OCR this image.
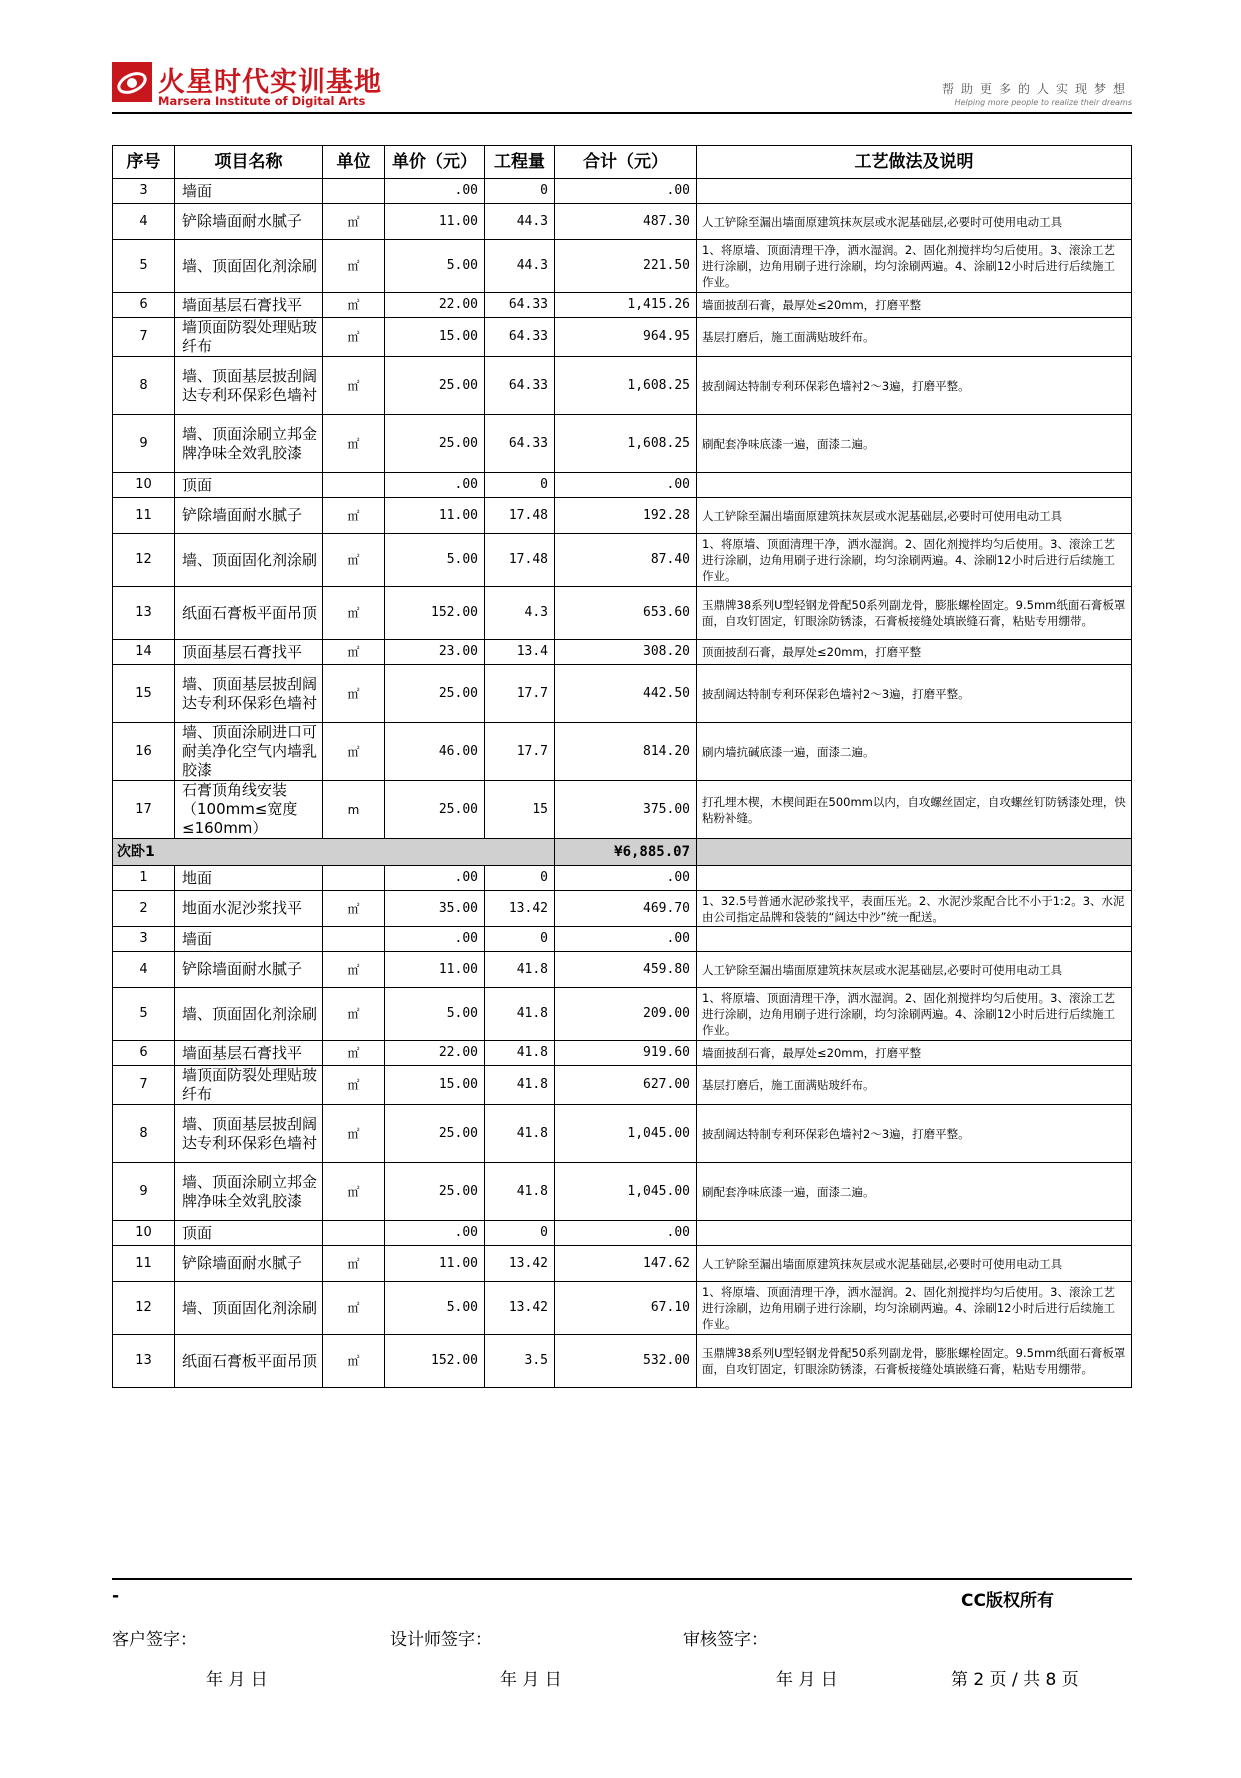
火星时代实训基地
Marsera Institute of Digital Arts
帮助更多的人实现梦想
Helping more people to realize their dreams
序号	项目名称	单位	单价（元）	工程量	合计（元）	工艺做法及说明
3	墙面		.00	0	.00	
4	铲除墙面耐水腻子	㎡	11.00	44.3	487.30	人工铲除至漏出墙面原建筑抹灰层或水泥基础层,必要时可使用电动工具
5	墙、顶面固化剂涂刷	㎡	5.00	44.3	221.50	1、将原墙、顶面清理干净，洒水湿润。2、固化剂搅拌均匀后使用。3、滚涂工艺进行涂刷，边角用刷子进行涂刷，均匀涂刷两遍。4、涂刷12小时后进行后续施工作业。
6	墙面基层石膏找平	㎡	22.00	64.33	1,415.26	墙面披刮石膏，最厚处≤20mm，打磨平整
7	墙顶面防裂处理贴玻纤布	㎡	15.00	64.33	964.95	基层打磨后，施工面满贴玻纤布。
8	墙、顶面基层披刮阔达专利环保彩色墙衬	㎡	25.00	64.33	1,608.25	披刮阔达特制专利环保彩色墙衬2～3遍，打磨平整。
9	墙、顶面涂刷立邦金牌净味全效乳胶漆	㎡	25.00	64.33	1,608.25	刷配套净味底漆一遍，面漆二遍。
10	顶面		.00	0	.00	
11	铲除墙面耐水腻子	㎡	11.00	17.48	192.28	人工铲除至漏出墙面原建筑抹灰层或水泥基础层,必要时可使用电动工具
12	墙、顶面固化剂涂刷	㎡	5.00	17.48	87.40	1、将原墙、顶面清理干净，洒水湿润。2、固化剂搅拌均匀后使用。3、滚涂工艺进行涂刷，边角用刷子进行涂刷，均匀涂刷两遍。4、涂刷12小时后进行后续施工作业。
13	纸面石膏板平面吊顶	㎡	152.00	4.3	653.60	玉鼎牌38系列U型轻钢龙骨配50系列副龙骨，膨胀螺栓固定。9.5mm纸面石膏板罩面，自攻钉固定，钉眼涂防锈漆，石膏板接缝处填嵌缝石膏，粘贴专用绷带。
14	顶面基层石膏找平	㎡	23.00	13.4	308.20	顶面披刮石膏，最厚处≤20mm，打磨平整
15	墙、顶面基层披刮阔达专利环保彩色墙衬	㎡	25.00	17.7	442.50	披刮阔达特制专利环保彩色墙衬2～3遍，打磨平整。
16	墙、顶面涂刷进口可耐美净化空气内墙乳胶漆	㎡	46.00	17.7	814.20	刷内墙抗碱底漆一遍，面漆二遍。
17	石膏顶角线安装（100mm≤宽度≤160mm）	m	25.00	15	375.00	打孔埋木楔，木楔间距在500mm以内，自攻螺丝固定，自攻螺丝钉防锈漆处理，快粘粉补缝。
次卧1					¥6,885.07	
1	地面		.00	0	.00	
2	地面水泥沙浆找平	㎡	35.00	13.42	469.70	1、32.5号普通水泥砂浆找平，表面压光。2、水泥沙浆配合比不小于1:2。3、水泥由公司指定品牌和袋装的“阔达中沙”统一配送。
3	墙面		.00	0	.00	
4	铲除墙面耐水腻子	㎡	11.00	41.8	459.80	人工铲除至漏出墙面原建筑抹灰层或水泥基础层,必要时可使用电动工具
5	墙、顶面固化剂涂刷	㎡	5.00	41.8	209.00	1、将原墙、顶面清理干净，洒水湿润。2、固化剂搅拌均匀后使用。3、滚涂工艺进行涂刷，边角用刷子进行涂刷，均匀涂刷两遍。4、涂刷12小时后进行后续施工作业。
6	墙面基层石膏找平	㎡	22.00	41.8	919.60	墙面披刮石膏，最厚处≤20mm，打磨平整
7	墙顶面防裂处理贴玻纤布	㎡	15.00	41.8	627.00	基层打磨后，施工面满贴玻纤布。
8	墙、顶面基层披刮阔达专利环保彩色墙衬	㎡	25.00	41.8	1,045.00	披刮阔达特制专利环保彩色墙衬2～3遍，打磨平整。
9	墙、顶面涂刷立邦金牌净味全效乳胶漆	㎡	25.00	41.8	1,045.00	刷配套净味底漆一遍，面漆二遍。
10	顶面		.00	0	.00	
11	铲除墙面耐水腻子	㎡	11.00	13.42	147.62	人工铲除至漏出墙面原建筑抹灰层或水泥基础层,必要时可使用电动工具
12	墙、顶面固化剂涂刷	㎡	5.00	13.42	67.10	1、将原墙、顶面清理干净，洒水湿润。2、固化剂搅拌均匀后使用。3、滚涂工艺进行涂刷，边角用刷子进行涂刷，均匀涂刷两遍。4、涂刷12小时后进行后续施工作业。
13	纸面石膏板平面吊顶	㎡	152.00	3.5	532.00	玉鼎牌38系列U型轻钢龙骨配50系列副龙骨，膨胀螺栓固定。9.5mm纸面石膏板罩面，自攻钉固定，钉眼涂防锈漆，石膏板接缝处填嵌缝石膏，粘贴专用绷带。
-	CC版权所有
客户签字：	设计师签字：	审核签字：
年 月 日	年 月 日	年 月 日	第 2 页 / 共 8 页
